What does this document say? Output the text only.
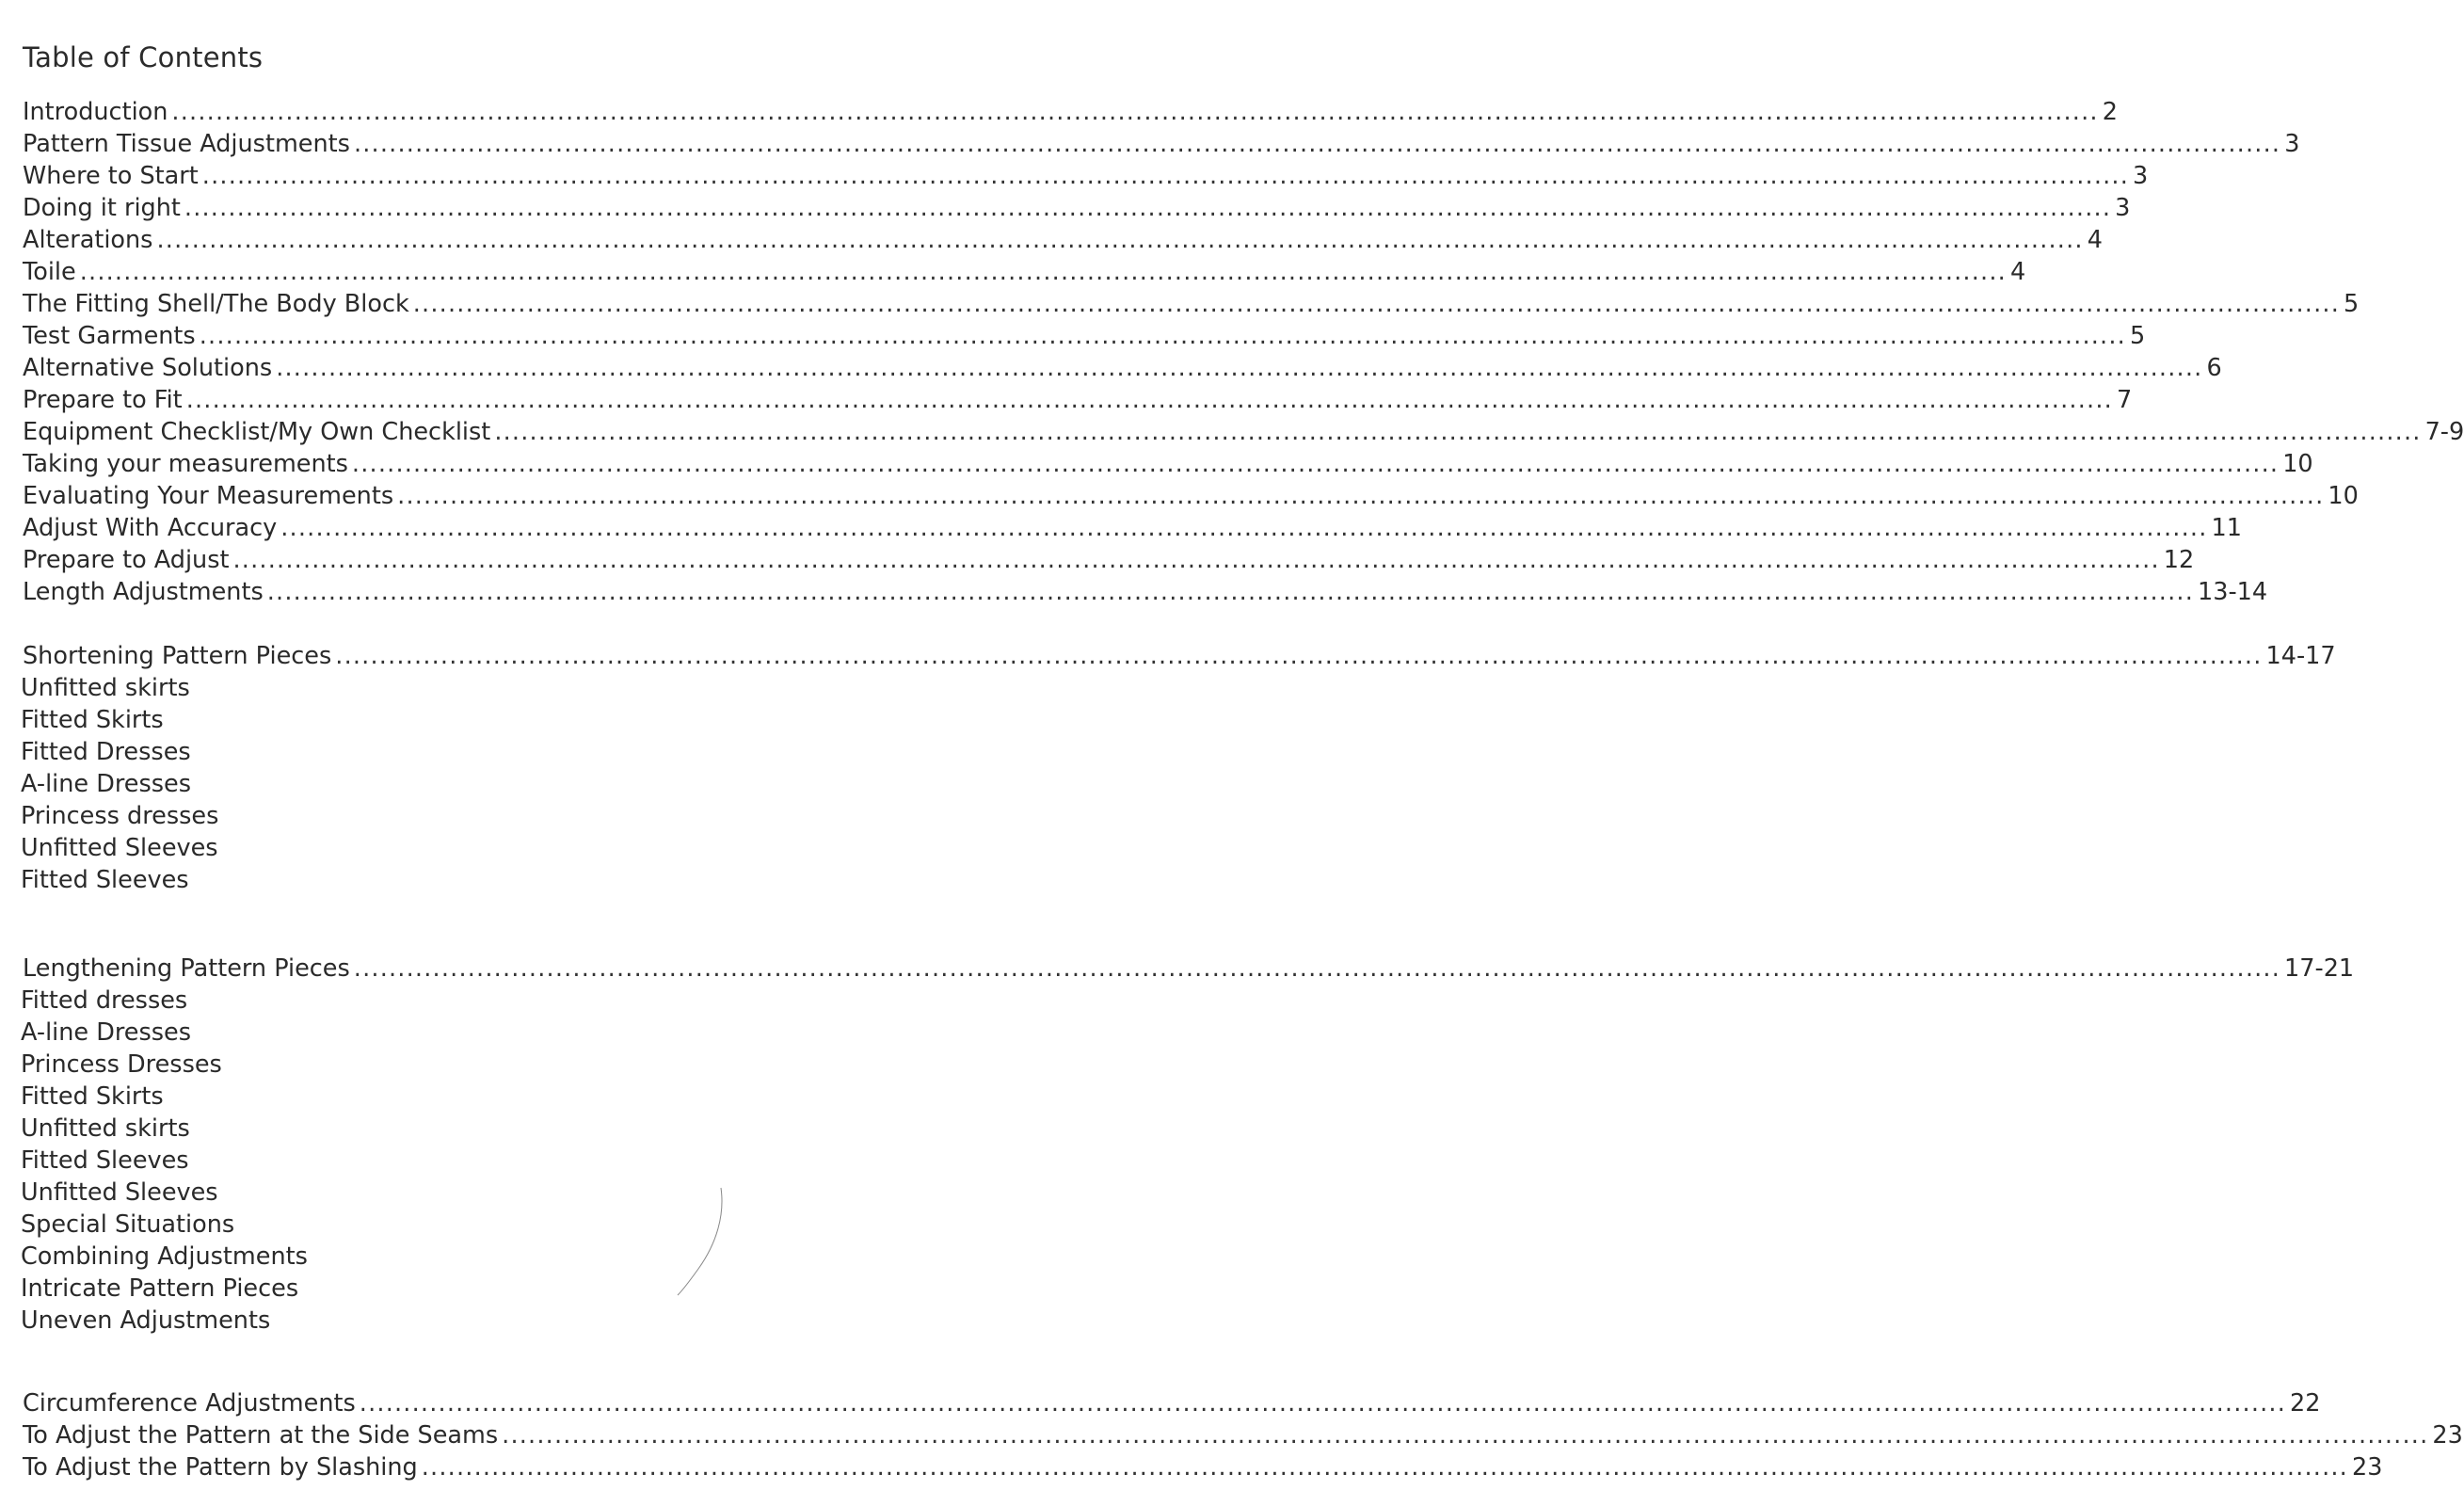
Table of Contents
Introduction ............................................................................................................................................................................................................................ 2
Pattern Tissue Adjustments ............................................................................................................................................................................................................................ 3
Where to Start ............................................................................................................................................................................................................................ 3
Doing it right ............................................................................................................................................................................................................................ 3
Alterations ............................................................................................................................................................................................................................ 4
Toile ............................................................................................................................................................................................................................ 4
The Fitting Shell/The Body Block ............................................................................................................................................................................................................................ 5
Test Garments ............................................................................................................................................................................................................................ 5
Alternative Solutions ............................................................................................................................................................................................................................ 6
Prepare to Fit ............................................................................................................................................................................................................................ 7
Equipment Checklist/My Own Checklist ............................................................................................................................................................................................................................ 7-9
Taking your measurements ............................................................................................................................................................................................................................ 10
Evaluating Your Measurements ............................................................................................................................................................................................................................ 10
Adjust With Accuracy ............................................................................................................................................................................................................................ 11
Prepare to Adjust ............................................................................................................................................................................................................................ 12
Length Adjustments ............................................................................................................................................................................................................................ 13-14
Shortening Pattern Pieces ............................................................................................................................................................................................................................ 14-17
Unfitted skirts
Fitted Skirts
Fitted Dresses
A-line Dresses
Princess dresses
Unfitted Sleeves
Fitted Sleeves
Lengthening Pattern Pieces ............................................................................................................................................................................................................................ 17-21
Fitted dresses
A-line Dresses
Princess Dresses
Fitted Skirts
Unfitted skirts
Fitted Sleeves
Unfitted Sleeves
Special Situations
Combining Adjustments
Intricate Pattern Pieces
Uneven Adjustments
Circumference Adjustments ............................................................................................................................................................................................................................ 22
To Adjust the Pattern at the Side Seams ............................................................................................................................................................................................................................ 23
To Adjust the Pattern by Slashing ............................................................................................................................................................................................................................ 23
